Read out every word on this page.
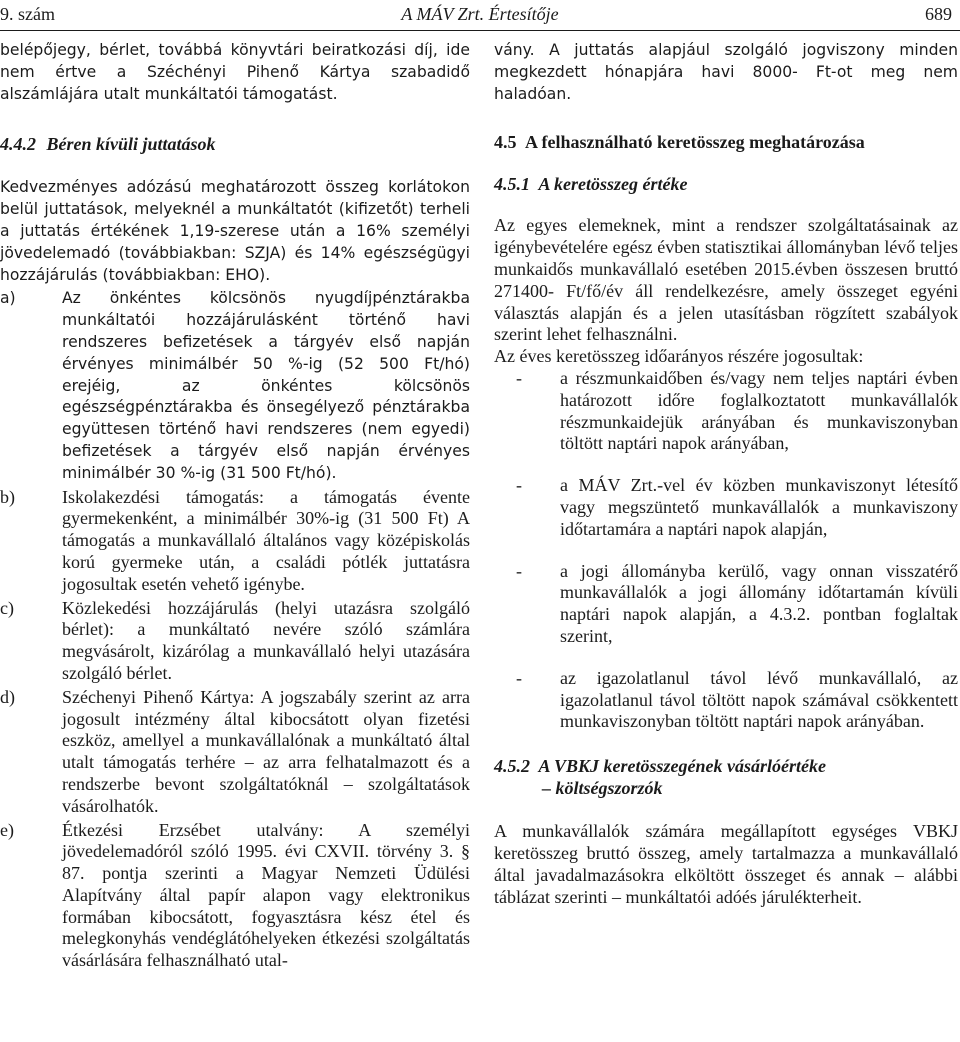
9. szám	A MÁV Zrt. Értesítője	689

belépőjegy, bérlet, továbbá könyvtári beiratkozási díj, ide nem értve a Széchényi Pihenő Kártya szabadidő alszámlájára utalt munkáltatói támogatást.

4.4.2 Béren kívüli juttatások

Kedvezményes adózású meghatározott összeg korlátokon belül juttatások, melyeknél a munkáltatót (kifizetőt) terheli a juttatás értékének 1,19-szerese után a 16% személyi jövedelemadó (továbbiakban: SZJA) és 14% egészségügyi hozzájárulás (továbbiakban: EHO).

a)	Az önkéntes kölcsönös nyugdíjpénztárakba munkáltatói hozzájárulásként történő havi rendszeres befizetések a tárgyév első napján érvényes minimálbér 50 %-ig (52 500 Ft/hó) erejéig, az önkéntes kölcsönös egészségpénztárakba és önsegélyező pénztárakba együttesen történő havi rendszeres (nem egyedi) befizetések a tárgyév első napján érvényes minimálbér 30 %-ig (31 500 Ft/hó).
b)	Iskolakezdési támogatás: a támogatás évente gyermekenként, a minimálbér 30%-ig (31 500 Ft) A támogatás a munkavállaló általános vagy középiskolás korú gyermeke után, a családi pótlék juttatásra jogosultak esetén vehető igénybe.
c)	Közlekedési hozzájárulás (helyi utazásra szolgáló bérlet): a munkáltató nevére szóló számlára megvásárolt, kizárólag a munkavállaló helyi utazására szolgáló bérlet.
d)	Széchenyi Pihenő Kártya: A jogszabály szerint az arra jogosult intézmény által kibocsátott olyan fizetési eszköz, amellyel a munkavállalónak a munkáltató által utalt támogatás terhére – az arra felhatalmazott és a rendszerbe bevont szolgáltatóknál – szolgáltatások vásárolhatók.
e)	Étkezési Erzsébet utalvány: A személyi jövedelemadóról szóló 1995. évi CXVII. törvény 3. § 87. pontja szerinti a Magyar Nemzeti Üdülési Alapítvány által papír alapon vagy elektronikus formában kibocsátott, fogyasztásra kész étel és melegkonyhás vendéglátóhelyeken étkezési szolgáltatás vásárlására felhasználható utal-

vány. A juttatás alapjául szolgáló jogviszony minden megkezdett hónapjára havi 8000- Ft-ot meg nem haladóan.

4.5 A felhasználható keretösszeg meghatározása

4.5.1 A keretösszeg értéke

Az egyes elemeknek, mint a rendszer szolgáltatásainak az igénybevételére egész évben statisztikai állományban lévő teljes munkaidős munkavállaló esetében 2015.évben összesen bruttó 271400- Ft/fő/év áll rendelkezésre, amely összeget egyéni választás alapján és a jelen utasításban rögzített szabályok szerint lehet felhasználni.

Az éves keretösszeg időarányos részére jogosultak:

- a részmunkaidőben és/vagy nem teljes naptári évben határozott időre foglalkoztatott munkavállalók részmunkaidejük arányában és munkaviszonyban töltött naptári napok arányában,
- a MÁV Zrt.-vel év közben munkaviszonyt létesítő vagy megszüntető munkavállalók a munkaviszony időtartamára a naptári napok alapján,
- a jogi állományba kerülő, vagy onnan visszatérő munkavállalók a jogi állomány időtartamán kívüli naptári napok alapján, a 4.3.2. pontban foglaltak szerint,
- az igazolatlanul távol lévő munkavállaló, az igazolatlanul távol töltött napok számával csökkentett munkaviszonyban töltött naptári napok arányában.
4.5.2 A VBKJ keretösszegének vásárlóértéke
– költségszorzók

A munkavállalók számára megállapított egységes VBKJ keretösszeg bruttó összeg, amely tartalmazza a munkavállaló által javadalmazásokra elköltött összeget és annak – alábbi táblázat szerinti – munkáltatói adóés járulékterheit.
